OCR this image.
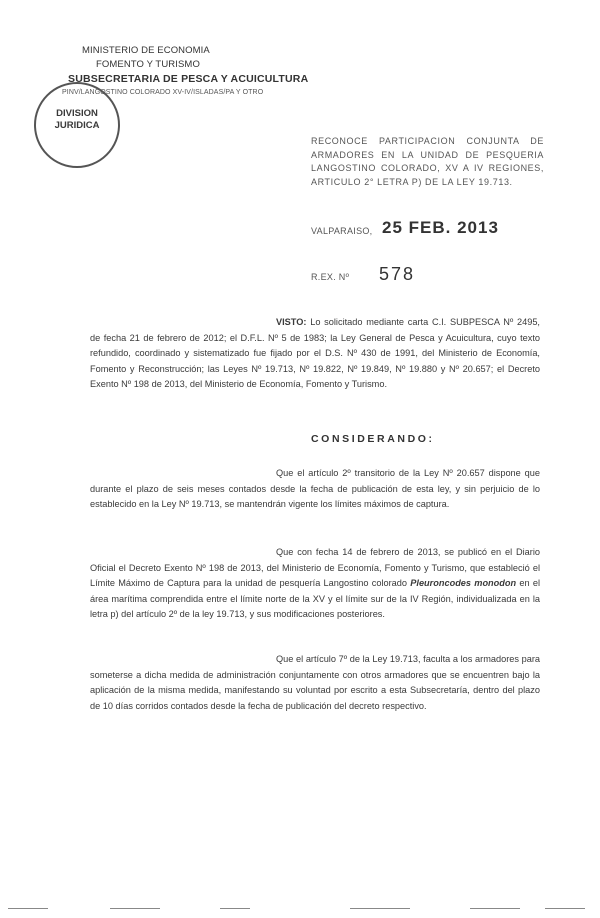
MINISTERIO DE ECONOMIA
FOMENTO Y TURISMO
SUBSECRETARIA DE PESCA Y ACUICULTURA
PINV/LANGOSTINO COLORADO XV-IV/ISLADAS/PA Y OTRO
DIVISION
JURIDICA

RECONOCE PARTICIPACION CONJUNTA DE ARMADORES EN LA UNIDAD DE PESQUERIA LANGOSTINO COLORADO, XV A IV REGIONES, ARTICULO 2° LETRA P) DE LA LEY 19.713.

VALPARAISO, 25 FEB. 2013
R.EX. Nº 578

VISTO: Lo solicitado mediante carta C.I. SUBPESCA Nº 2495, de fecha 21 de febrero de 2012; el D.F.L. Nº 5 de 1983; la Ley General de Pesca y Acuicultura, cuyo texto refundido, coordinado y sistematizado fue fijado por el D.S. Nº 430 de 1991, del Ministerio de Economía, Fomento y Reconstrucción; las Leyes Nº 19.713, Nº 19.822, Nº 19.849, Nº 19.880 y Nº 20.657; el Decreto Exento Nº 198 de 2013, del Ministerio de Economía, Fomento y Turismo.

CONSIDERANDO:

Que el artículo 2º transitorio de la Ley Nº 20.657 dispone que durante el plazo de seis meses contados desde la fecha de publicación de esta ley, y sin perjuicio de lo establecido en la Ley Nº 19.713, se mantendrán vigente los límites máximos de captura.

Que con fecha 14 de febrero de 2013, se publicó en el Diario Oficial el Decreto Exento Nº 198 de 2013, del Ministerio de Economía, Fomento y Turismo, que estableció el Límite Máximo de Captura para la unidad de pesquería Langostino colorado Pleuroncodes monodon en el área marítima comprendida entre el límite norte de la XV y el límite sur de la IV Región, individualizada en la letra p) del artículo 2º de la ley 19.713, y sus modificaciones posteriores.

Que el artículo 7º de la Ley 19.713, faculta a los armadores para someterse a dicha medida de administración conjuntamente con otros armadores que se encuentren bajo la aplicación de la misma medida, manifestando su voluntad por escrito a esta Subsecretaría, dentro del plazo de 10 días corridos contados desde la fecha de publicación del decreto respectivo.
